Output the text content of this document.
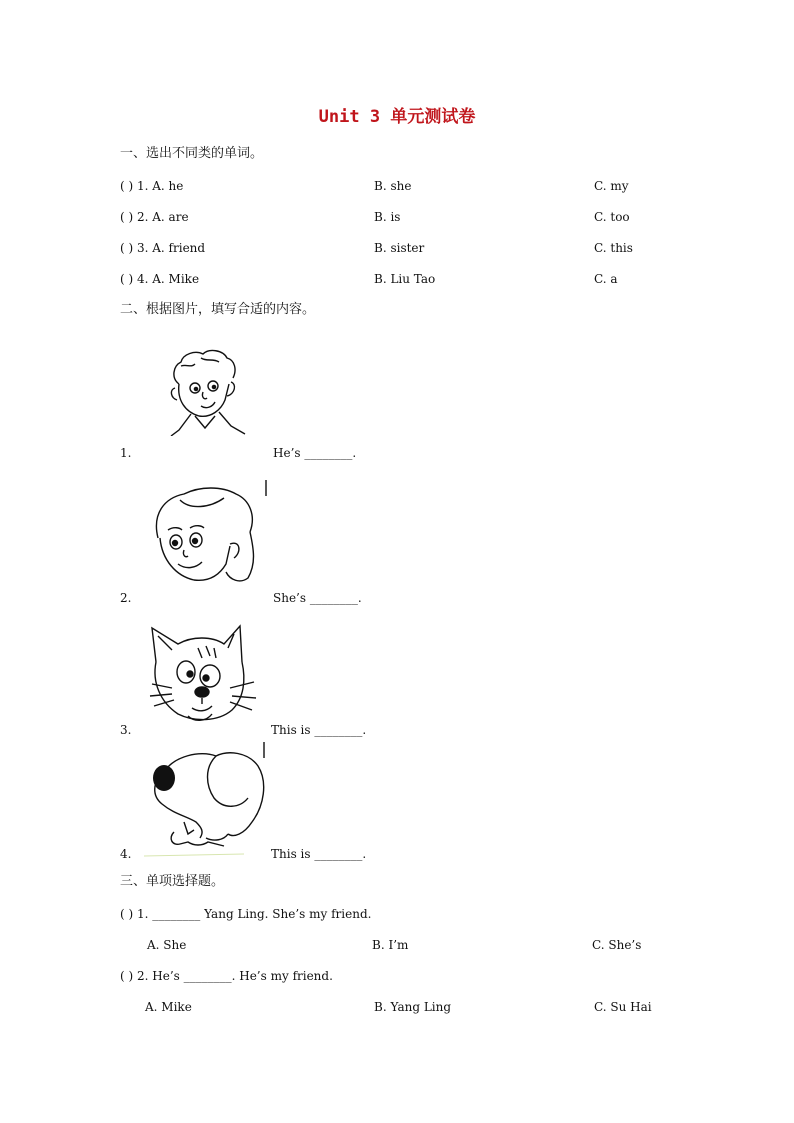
Unit 3 单元测试卷
一、选出不同类的单词。
( ) 1. A. he	B. she	C. my
( ) 2. A. are	B. is	C. too
( ) 3. A. friend	B. sister	C. this
( ) 4. A. Mike	B. Liu Tao	C. a
二、根据图片，填写合适的内容。
1.	He’s ________.
2.	She’s ________.
3.	This is ________.
4.	This is ________.
三、单项选择题。
( ) 1. ________ Yang Ling. She’s my friend.
A. She	B. I’m	C. She’s
( ) 2. He’s ________. He’s my friend.
A. Mike	B. Yang Ling	C. Su Hai
